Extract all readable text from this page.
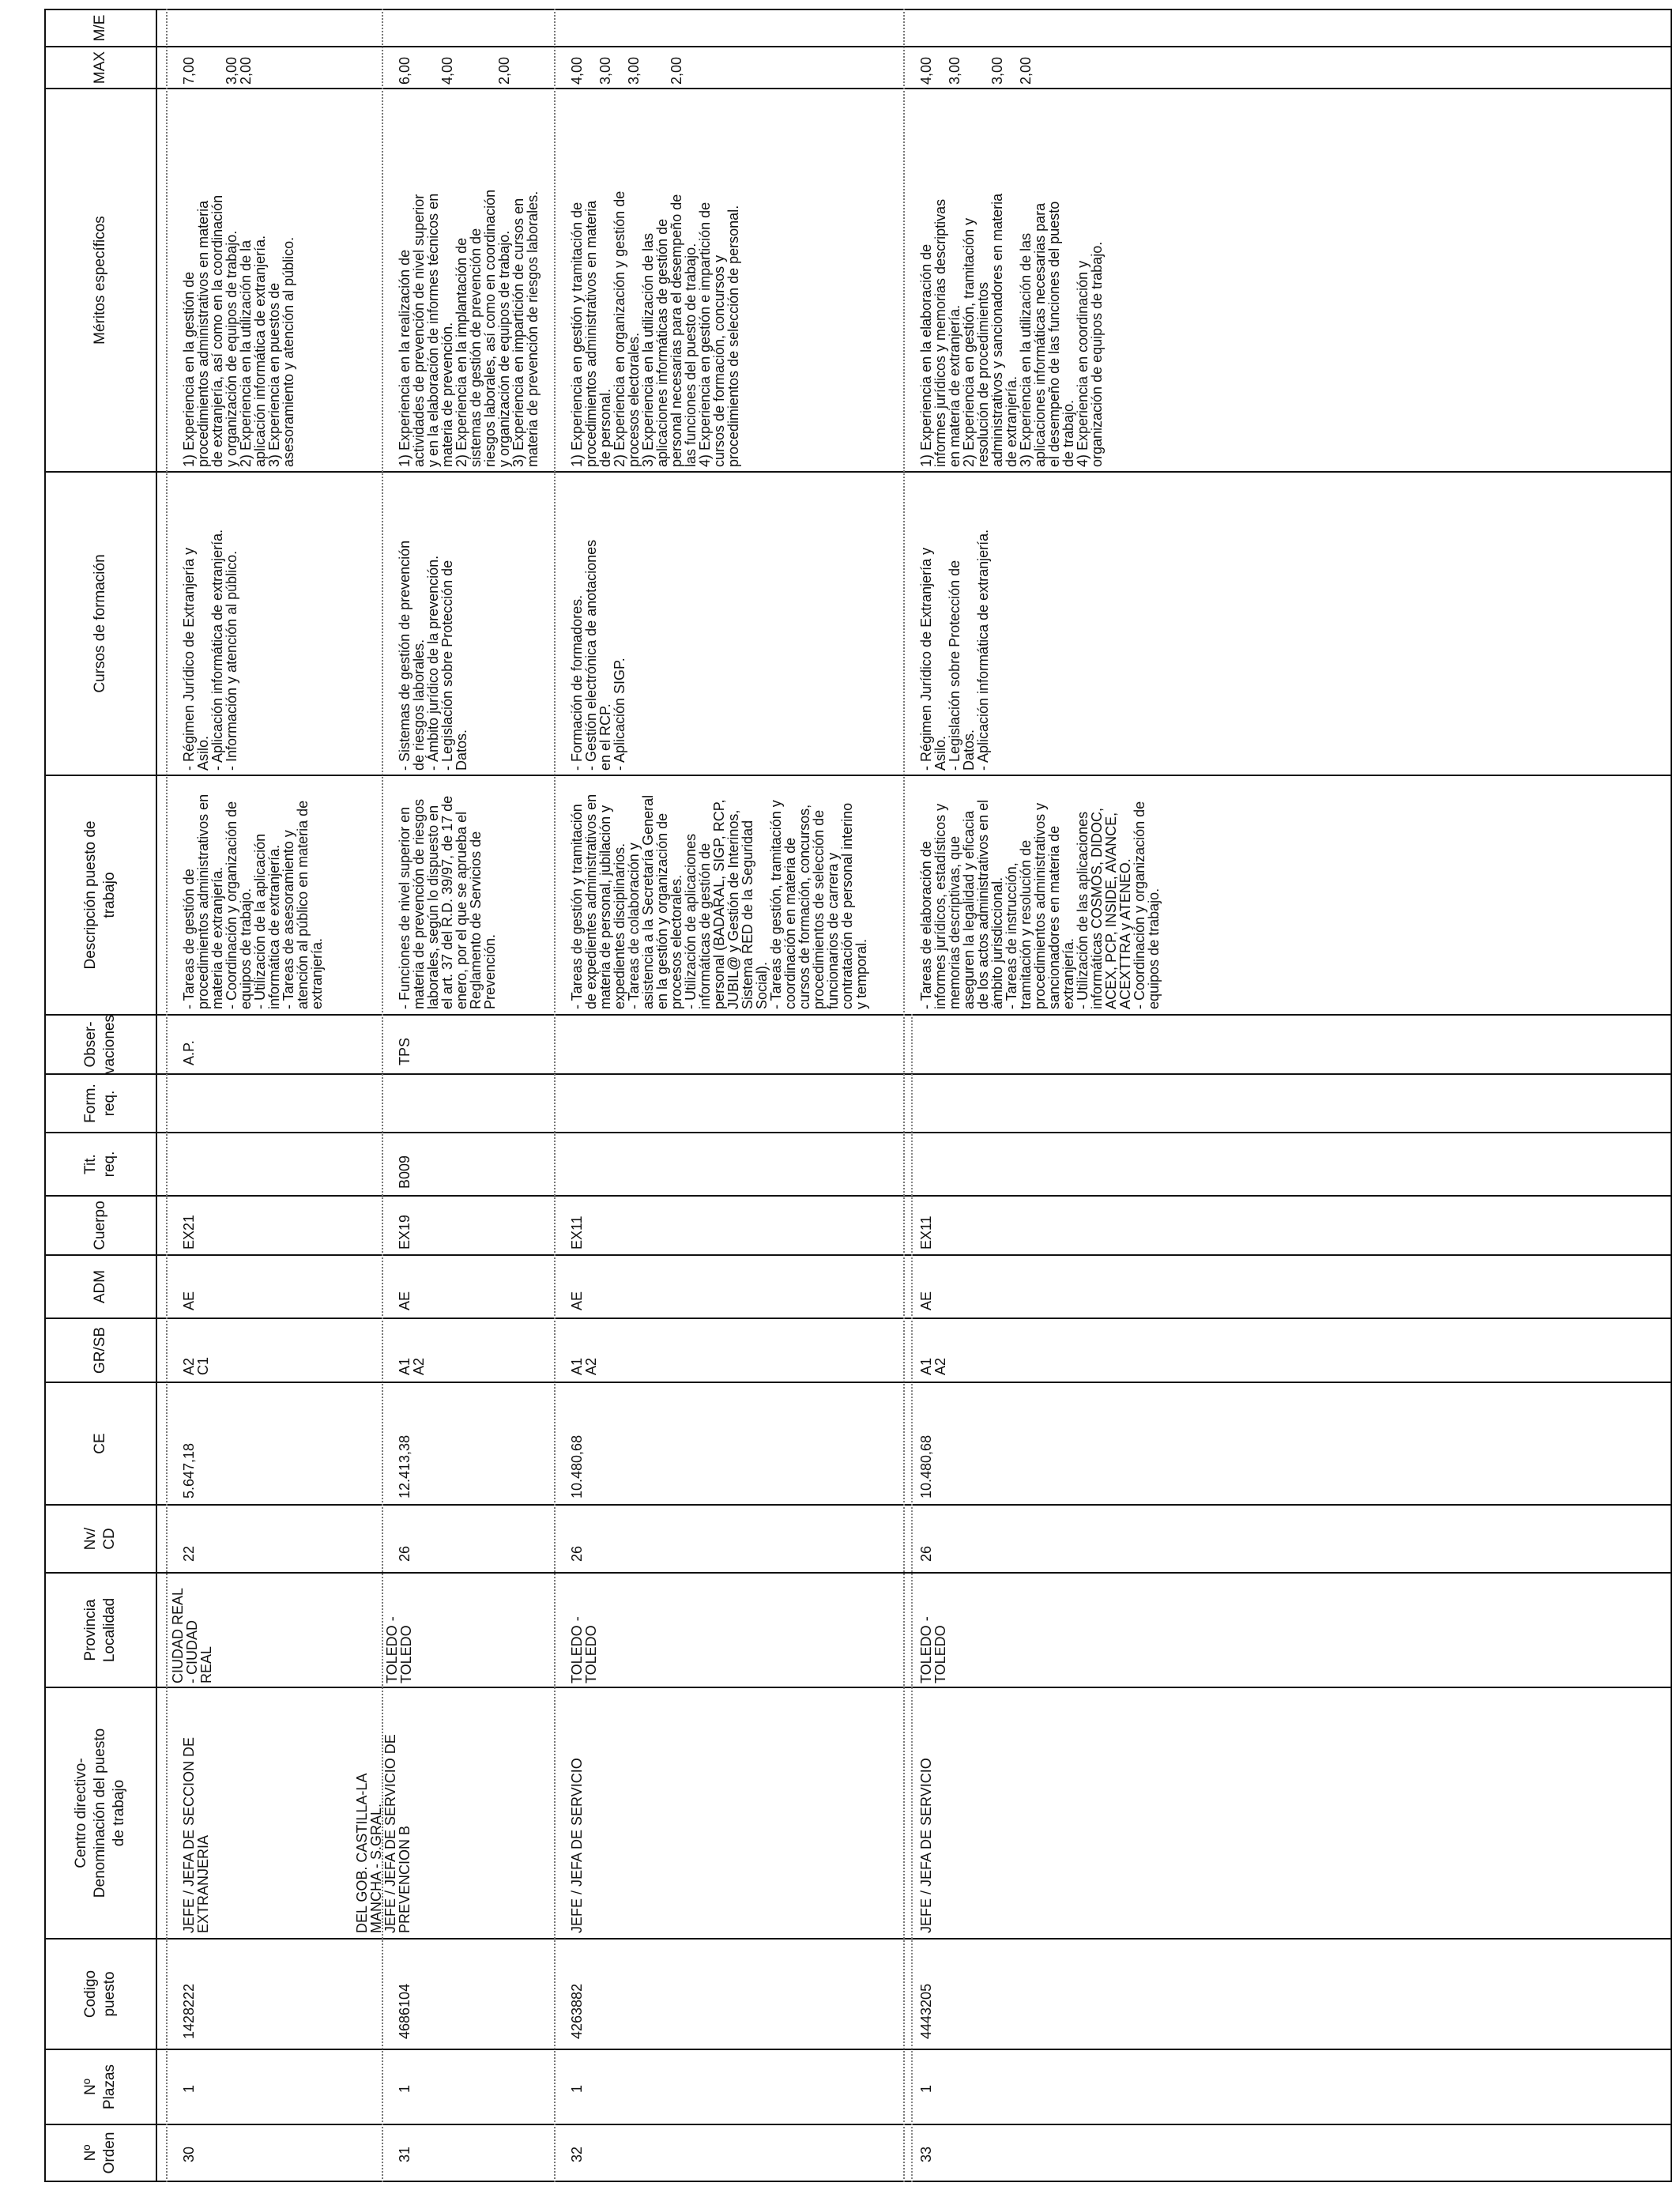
Nº
Orden
Nº
Plazas
Codigo
puesto
Centro directivo-
Denominación del puesto
de trabajo
Provincia
Localidad
Nv/
CD
CE
GR/SB
ADM
Cuerpo
Tit.
req.
Form.
req.
Obser-
vaciones
Descripción puesto de
trabajo
Cursos de formación
Méritos específicos
MAX
M/E
30
1
1428222
JEFE / JEFA DE SECCION DE
EXTRANJERIA
CIUDAD REAL
- CIUDAD
REAL
22
5.647,18
A2
C1
AE
EX21
A.P.
- Tareas de gestión de
procedimientos administrativos en
materia de extranjería.
- Coordinación y organización de
equipos de trabajo.
- Utilización de la aplicación
informática de extranjería.
- Tareas de asesoramiento y
atención al público en materia de
extranjería.
- Régimen Jurídico de Extranjería y
Asilo.
- Aplicación informática de extranjería.
- Información y atención al público.
1) Experiencia en la gestión de
procedimientos administrativos en materia
de extranjería, así como en la coordinación
y organización de equipos de trabajo.
2) Experiencia en la utilización de la
aplicación informática de extranjería.
3) Experiencia en puestos de
asesoramiento y atención al público.
7,00

3,00
2,00
31
1
4686104
DEL GOB. CASTILLA-LA
MANCHA - S.GRAL.
JEFE / JEFA DE SERVICIO DE
PREVENCION B
TOLEDO -
TOLEDO
26
12.413,38
A1
A2
AE
EX19
B009
TPS
- Funciones de nivel superior en
materia de prevención de riesgos
laborales, según lo dispuesto en
el art. 37 del R.D. 39/97, de 17 de
enero, por el que se aprueba el
Reglamento de Servicios de
Prevención.
- Sistemas de gestión de prevención
de riesgos laborales.
- Ámbito jurídico de la prevención.
- Legislación sobre Protección de
Datos.
1) Experiencia en la realización de
actividades de prevención de nivel superior
y en la elaboración de informes técnicos en
materia de prevención.
2) Experiencia en la implantación de
sistemas de gestión de prevención de
riesgos laborales, así como en coordinación
y organización de equipos de trabajo.
3) Experiencia en impartición de cursos en
materia de prevención de riesgos laborales.
6,00

4,00

2,00
32
1
4263882
JEFE / JEFA DE SERVICIO
TOLEDO -
TOLEDO
26
10.480,68
A1
A2
AE
EX11
- Tareas de gestión y tramitación
de expedientes administrativos en
materia de personal, jubilación y
expedientes disciplinarios.
- Tareas de colaboración y
asistencia a la Secretaría General
en la gestión y organización de
procesos electorales.
- Utilización de aplicaciones
informáticas de gestión de
personal (BADARAL, SIGP, RCP,
JUBIL@ y Gestión de Interinos,
Sistema RED de la Seguridad
Social).
- Tareas de gestión, tramitación y
coordinación en materia de
cursos de formación, concursos,
procedimientos de selección de
funcionarios de carrera y
contratación de personal interino
y temporal.
- Formación de formadores.
- Gestión electrónica de anotaciones
en el RCP.
- Aplicación SIGP.
1) Experiencia en gestión y tramitación de
procedimientos administrativos en materia
de personal.
2) Experiencia en organización y gestión de
procesos electorales.
3) Experiencia en la utilización de las
aplicaciones informáticas de gestión de
personal necesarias para el desempeño de
las funciones del puesto de trabajo.
4) Experiencia en gestión e impartición de
cursos de formación, concursos y
procedimientos de selección de personal.
4,00

3,00

3,00

2,00
33
1
4443205
JEFE / JEFA DE SERVICIO
TOLEDO -
TOLEDO
26
10.480,68
A1
A2
AE
EX11
- Tareas de elaboración de
informes jurídicos, estadísticos y
memorias descriptivas, que
aseguren la legalidad y eficacia
de los actos administrativos en el
ámbito jurisdiccional.
- Tareas de instrucción,
tramitación y resolución de
procedimientos administrativos y
sancionadores en materia de
extranjería.
- Utilización de las aplicaciones
informáticas COSMOS, DIDOC,
ACEX, PCP, INSIDE, AVANCE,
ACEXTTRA y ATENEO.
- Coordinación y organización de
equipos de trabajo.
- Régimen Jurídico de Extranjería y
Asilo.
- Legislación sobre Protección de
Datos.
- Aplicación informática de extranjería.
1) Experiencia en la elaboración de
informes jurídicos y memorias descriptivas
en materia de extranjería.
2) Experiencia en gestión, tramitación y
resolución de procedimientos
administrativos y sancionadores en materia
de extranjería.
3) Experiencia en la utilización de las
aplicaciones informáticas necesarias para
el desempeño de las funciones del puesto
de trabajo.
4) Experiencia en coordinación y
organización de equipos de trabajo.
4,00

3,00

3,00

2,00
